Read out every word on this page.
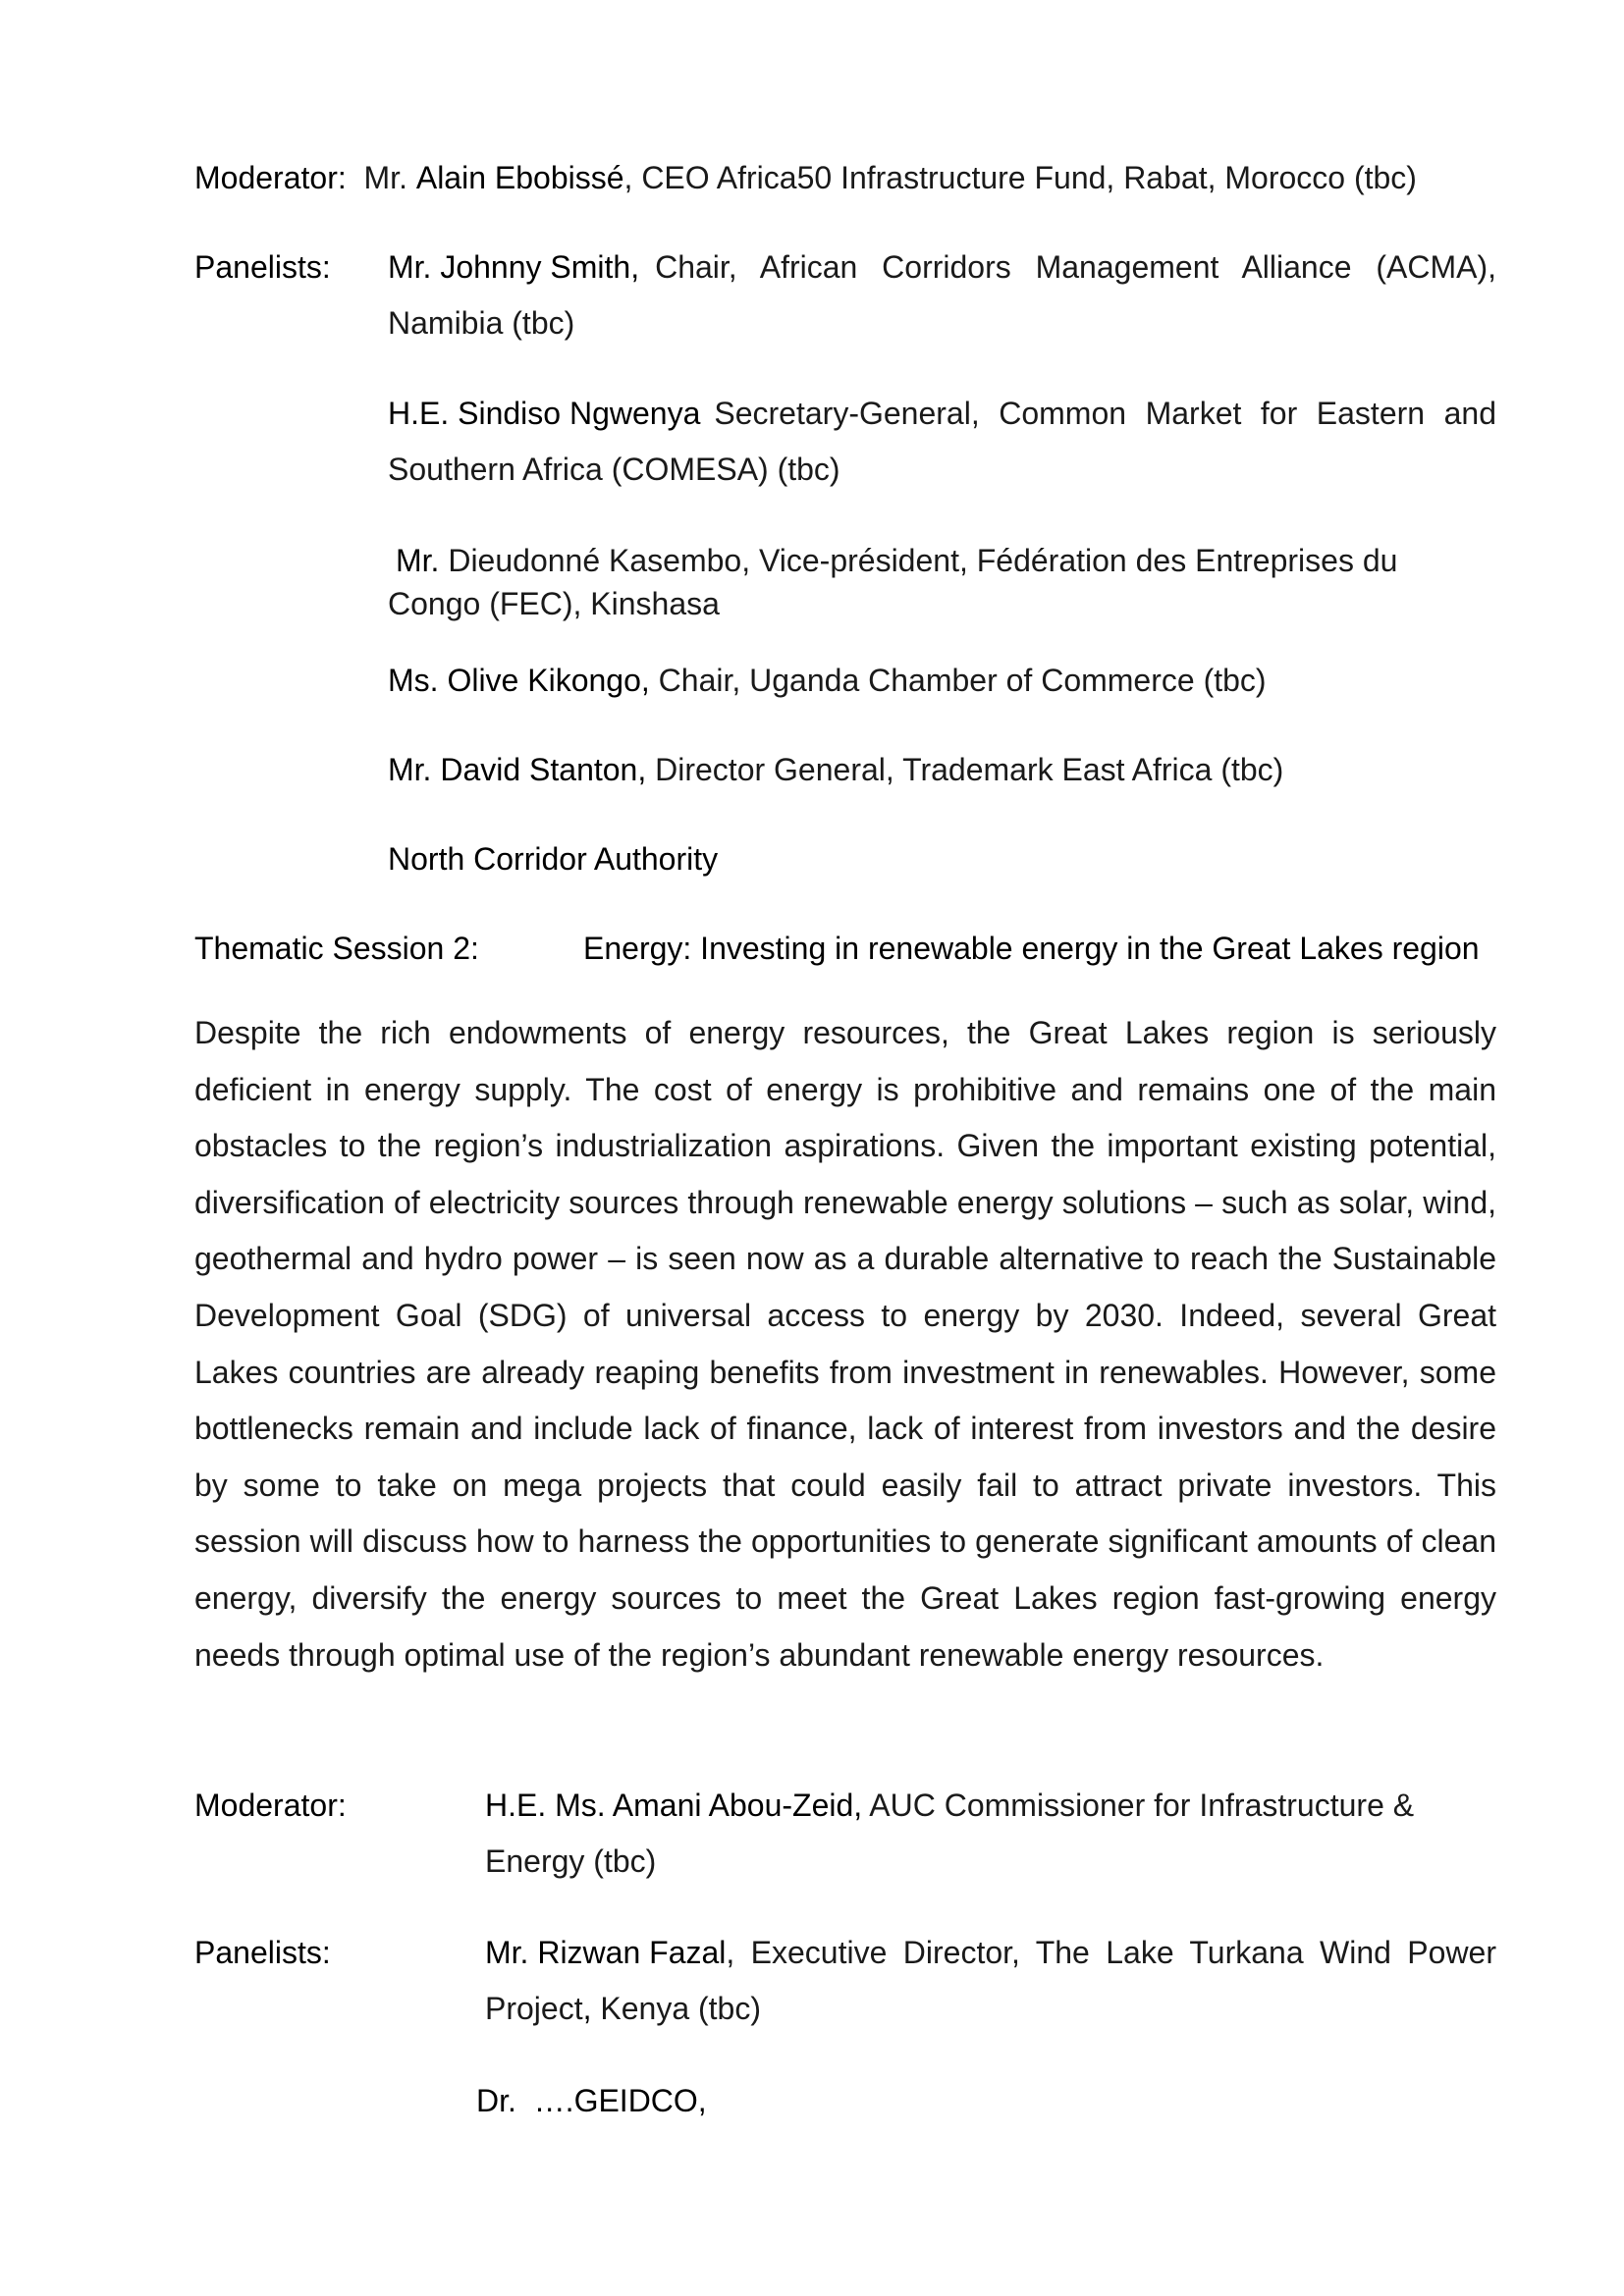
Moderator: Mr. Alain Ebobissé, CEO Africa50 Infrastructure Fund, Rabat, Morocco (tbc)
Panelists: Mr. Johnny Smith, Chair, African Corridors Management Alliance (ACMA),
Namibia (tbc)
H.E. Sindiso Ngwenya Secretary-General, Common Market for Eastern and
Southern Africa (COMESA) (tbc)
Mr. Dieudonné Kasembo, Vice-président, Fédération des Entreprises du
Congo (FEC), Kinshasa
Ms. Olive Kikongo, Chair, Uganda Chamber of Commerce (tbc)
Mr. David Stanton, Director General, Trademark East Africa (tbc)
North Corridor Authority
Thematic Session 2:	Energy: Investing in renewable energy in the Great Lakes region
Despite the rich endowments of energy resources, the Great Lakes region is seriously deficient in energy supply. The cost of energy is prohibitive and remains one of the main obstacles to the region’s industrialization aspirations. Given the important existing potential, diversification of electricity sources through renewable energy solutions – such as solar, wind, geothermal and hydro power – is seen now as a durable alternative to reach the Sustainable Development Goal (SDG) of universal access to energy by 2030. Indeed, several Great Lakes countries are already reaping benefits from investment in renewables. However, some bottlenecks remain and include lack of finance, lack of interest from investors and the desire by some to take on mega projects that could easily fail to attract private investors. This session will discuss how to harness the opportunities to generate significant amounts of clean energy, diversify the energy sources to meet the Great Lakes region fast-growing energy needs through optimal use of the region’s abundant renewable energy resources.
Moderator:	H.E. Ms. Amani Abou-Zeid, AUC Commissioner for Infrastructure &
Energy (tbc)
Panelists:	Mr. Rizwan Fazal , Executive Director, The Lake Turkana Wind Power
Project, Kenya (tbc)
Dr.  ….GEIDCO,
